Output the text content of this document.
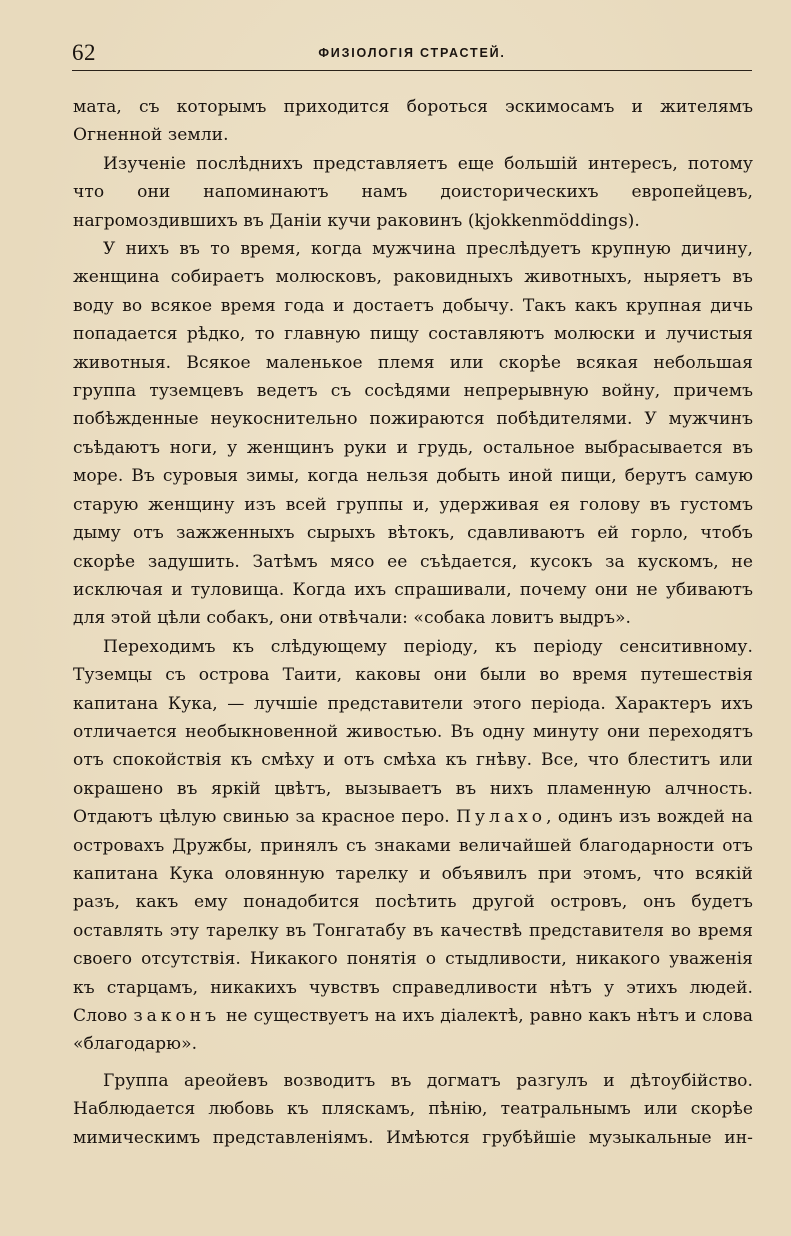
62	ФИЗІОЛОГІЯ СТРАСТЕЙ.

мата, съ которымъ приходится бороться эскимосамъ и жителямъ Огненной земли.

Изученіе послѣднихъ представляетъ еще большій интересъ, потому что они напоминаютъ намъ доисторическихъ европейцевъ, нагромоздившихъ въ Даніи кучи раковинъ (kjokkenmöddings).

У нихъ въ то время, когда мужчина преслѣдуетъ крупную дичину, женщина собираетъ молюсковъ, раковидныхъ животныхъ, ныряетъ въ воду во всякое время года и достаетъ добычу. Такъ какъ крупная дичь попадается рѣдко, то главную пищу составляютъ молюски и лучистыя животныя. Всякое маленькое племя или скорѣе всякая небольшая группа туземцевъ ведетъ съ сосѣдями непрерывную войну, причемъ побѣжденные неукоснительно пожираются побѣдителями. У мужчинъ съѣдаютъ ноги, у женщинъ руки и грудь, остальное выбрасывается въ море. Въ суровыя зимы, когда нельзя добыть иной пищи, берутъ самую старую женщину изъ всей группы и, удерживая ея голову въ густомъ дыму отъ зажженныхъ сырыхъ вѣтокъ, сдавливаютъ ей горло, чтобъ скорѣе задушить. Затѣмъ мясо ее съѣдается, кусокъ за кускомъ, не исключая и туловища. Когда ихъ спрашивали, почему они не убиваютъ для этой цѣли собакъ, они отвѣчали: «собака ловитъ выдръ».

Переходимъ къ слѣдующему періоду, къ періоду сенситивному. Туземцы съ острова Таити, каковы они были во время путешествія капитана Кука, — лучшіе представители этого періода. Характеръ ихъ отличается необыкновенной живостью. Въ одну минуту они переходятъ отъ спокойствія къ смѣху и отъ смѣха къ гнѣву. Все, что блеститъ или окрашено въ яркій цвѣтъ, вызываетъ въ нихъ пламенную алчность. Отдаютъ цѣлую свинью за красное перо. Пулахо, одинъ изъ вождей на островахъ Дружбы, принялъ съ знаками величайшей благодарности отъ капитана Кука оловянную тарелку и объявилъ при этомъ, что всякій разъ, какъ ему понадобится посѣтить другой островъ, онъ будетъ оставлять эту тарелку въ Тонгатабу въ качествѣ представителя во время своего отсутствія. Никакого понятія о стыдливости, никакого уваженія къ старцамъ, никакихъ чувствъ справедливости нѣтъ у этихъ людей. Слово законъ не существуетъ на ихъ діалектѣ, равно какъ нѣтъ и слова «благодарю».

Группа ареойевъ возводитъ въ догматъ разгулъ и дѣтоубійство. Наблюдается любовь къ пляскамъ, пѣнію, театральнымъ или скорѣе мимическимъ представленіямъ. Имѣются грубѣйшіе музыкальные ин-
